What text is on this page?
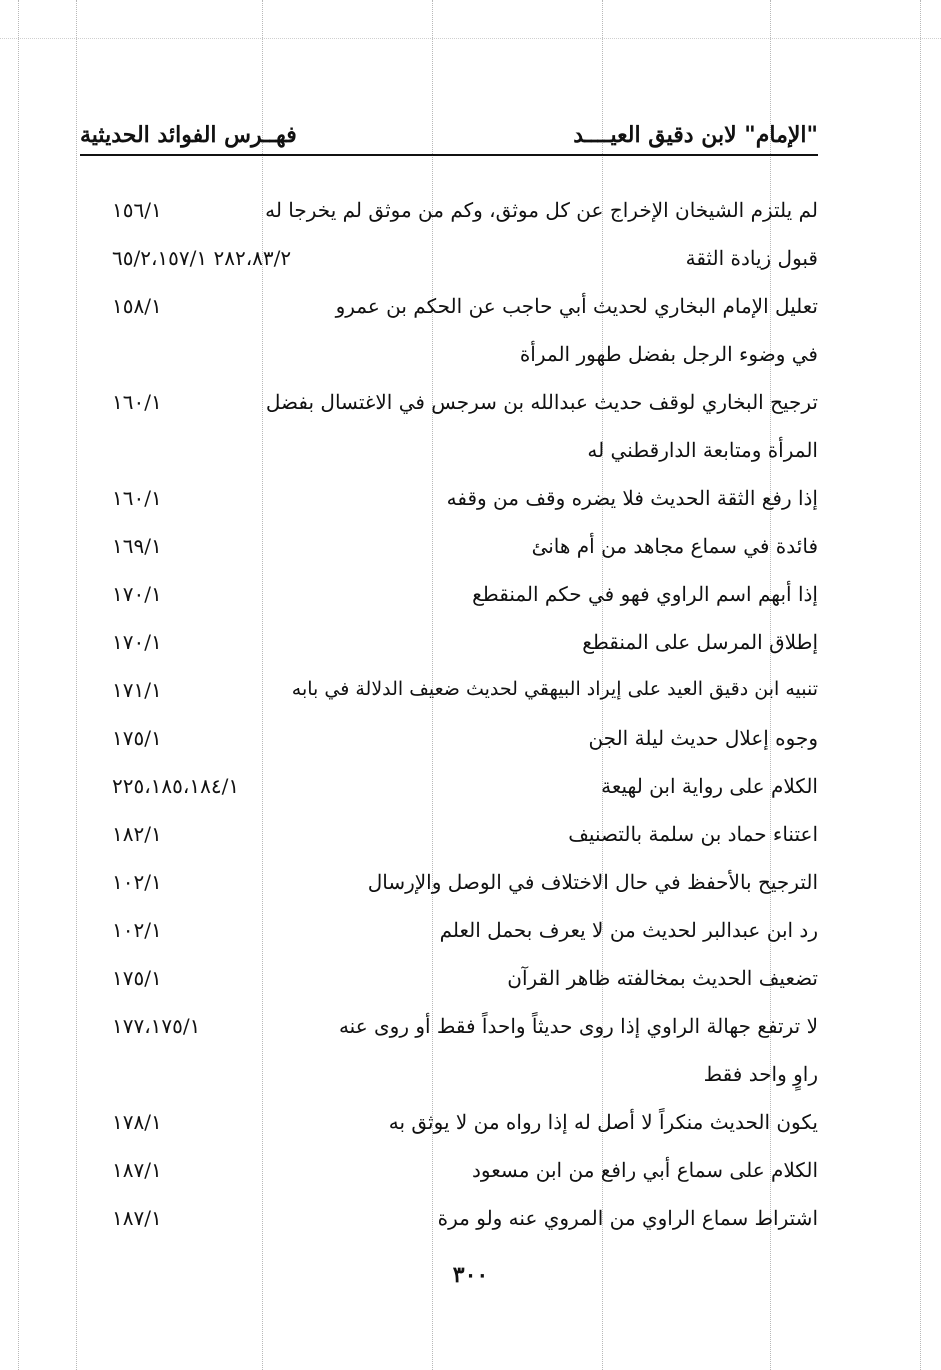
"الإمام" لابن دقيق العيــــد
فهــرس الفوائد الحديثية
لم يلتزم الشيخان الإخراج عن كل موثق، وكم من موثق لم يخرجا له
١٥٦/١
قبول زيادة الثقة
٢٨٢،٨٣/٢ ٦٥/٢،١٥٧/١
تعليل الإمام البخاري لحديث أبي حاجب عن الحكم بن عمرو
١٥٨/١
في وضوء الرجل بفضل طهور المرأة
ترجيح البخاري لوقف حديث عبدالله بن سرجس في الاغتسال بفضل
١٦٠/١
المرأة ومتابعة الدارقطني له
إذا رفع الثقة الحديث فلا يضره وقف من وقفه
١٦٠/١
فائدة في سماع مجاهد من أم هانئ
١٦٩/١
إذا أبهم اسم الراوي فهو في حكم المنقطع
١٧٠/١
إطلاق المرسل على المنقطع
١٧٠/١
تنبيه ابن دقيق العيد على إيراد البيهقي لحديث ضعيف الدلالة في بابه
١٧١/١
وجوه إعلال حديث ليلة الجن
١٧٥/١
الكلام على رواية ابن لهيعة
٢٢٥،١٨٥،١٨٤/١
اعتناء حماد بن سلمة بالتصنيف
١٨٢/١
الترجيح بالأحفظ في حال الاختلاف في الوصل والإرسال
١٠٢/١
رد ابن عبدالبر لحديث من لا يعرف بحمل العلم
١٠٢/١
تضعيف الحديث بمخالفته ظاهر القرآن
١٧٥/١
لا ترتفع جهالة الراوي إذا روى حديثاً واحداً فقط أو روى عنه
١٧٧،١٧٥/١
راوٍ واحد فقط
يكون الحديث منكراً لا أصل له إذا رواه من لا يوثق به
١٧٨/١
الكلام على سماع أبي رافع من ابن مسعود
١٨٧/١
اشتراط سماع الراوي من المروي عنه ولو مرة
١٨٧/١
٣٠٠
